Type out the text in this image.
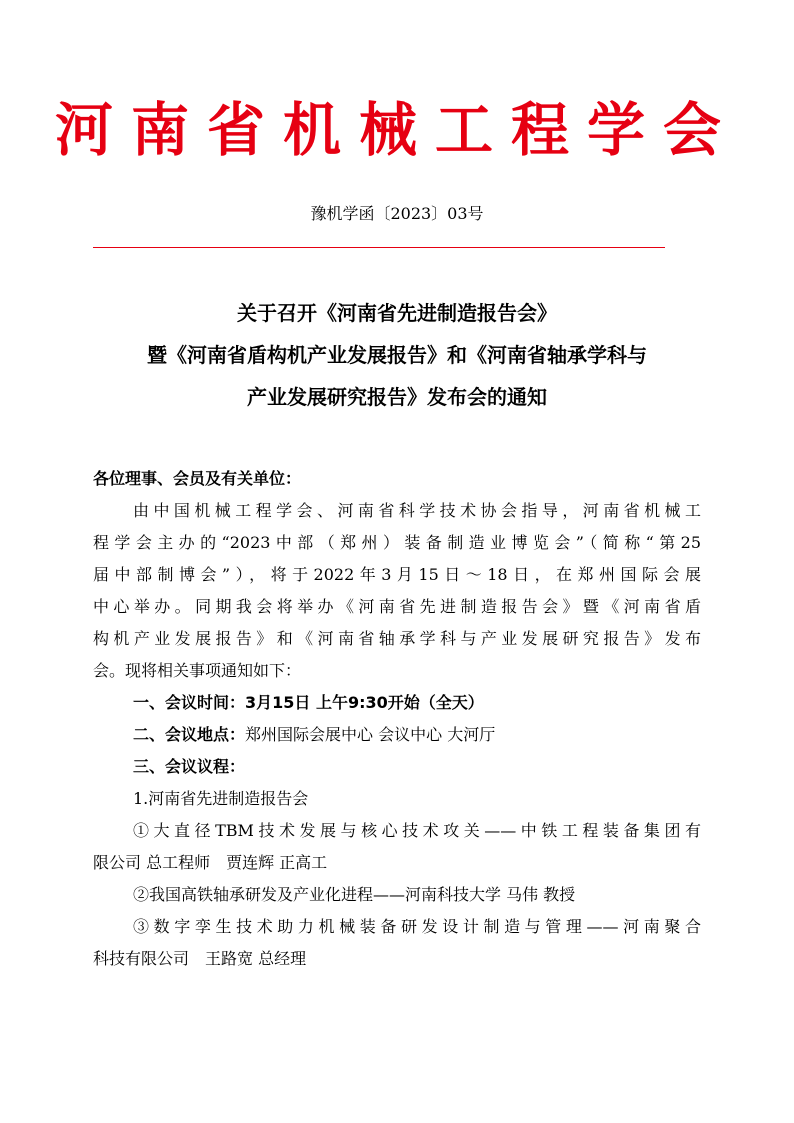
河南省机械工程学会
豫机学函〔2023〕03号
关于召开《河南省先进制造报告会》
暨《河南省盾构机产业发展报告》和《河南省轴承学科与
产业发展研究报告》发布会的通知
各位理事、会员及有关单位：
由中国机械工程学会、河南省科学技术协会指导，河南省机械工
程学会主办的“2023中部（郑州）装备制造业博览会”（简称“第25
届中部制博会”），将于2022年3月15日～18日，在郑州国际会展
中心举办。同期我会将举办《河南省先进制造报告会》暨《河南省盾
构机产业发展报告》和《河南省轴承学科与产业发展研究报告》发布
会。现将相关事项通知如下：
一、会议时间：3月15日 上午9:30开始（全天）
二、会议地点：郑州国际会展中心 会议中心 大河厅
三、会议议程：
1.河南省先进制造报告会
①大直径TBM技术发展与核心技术攻关——中铁工程装备集团有
限公司 总工程师　贾连辉 正高工
②我国高铁轴承研发及产业化进程——河南科技大学 马伟 教授
③数字孪生技术助力机械装备研发设计制造与管理——河南聚合
科技有限公司　王路宽 总经理
